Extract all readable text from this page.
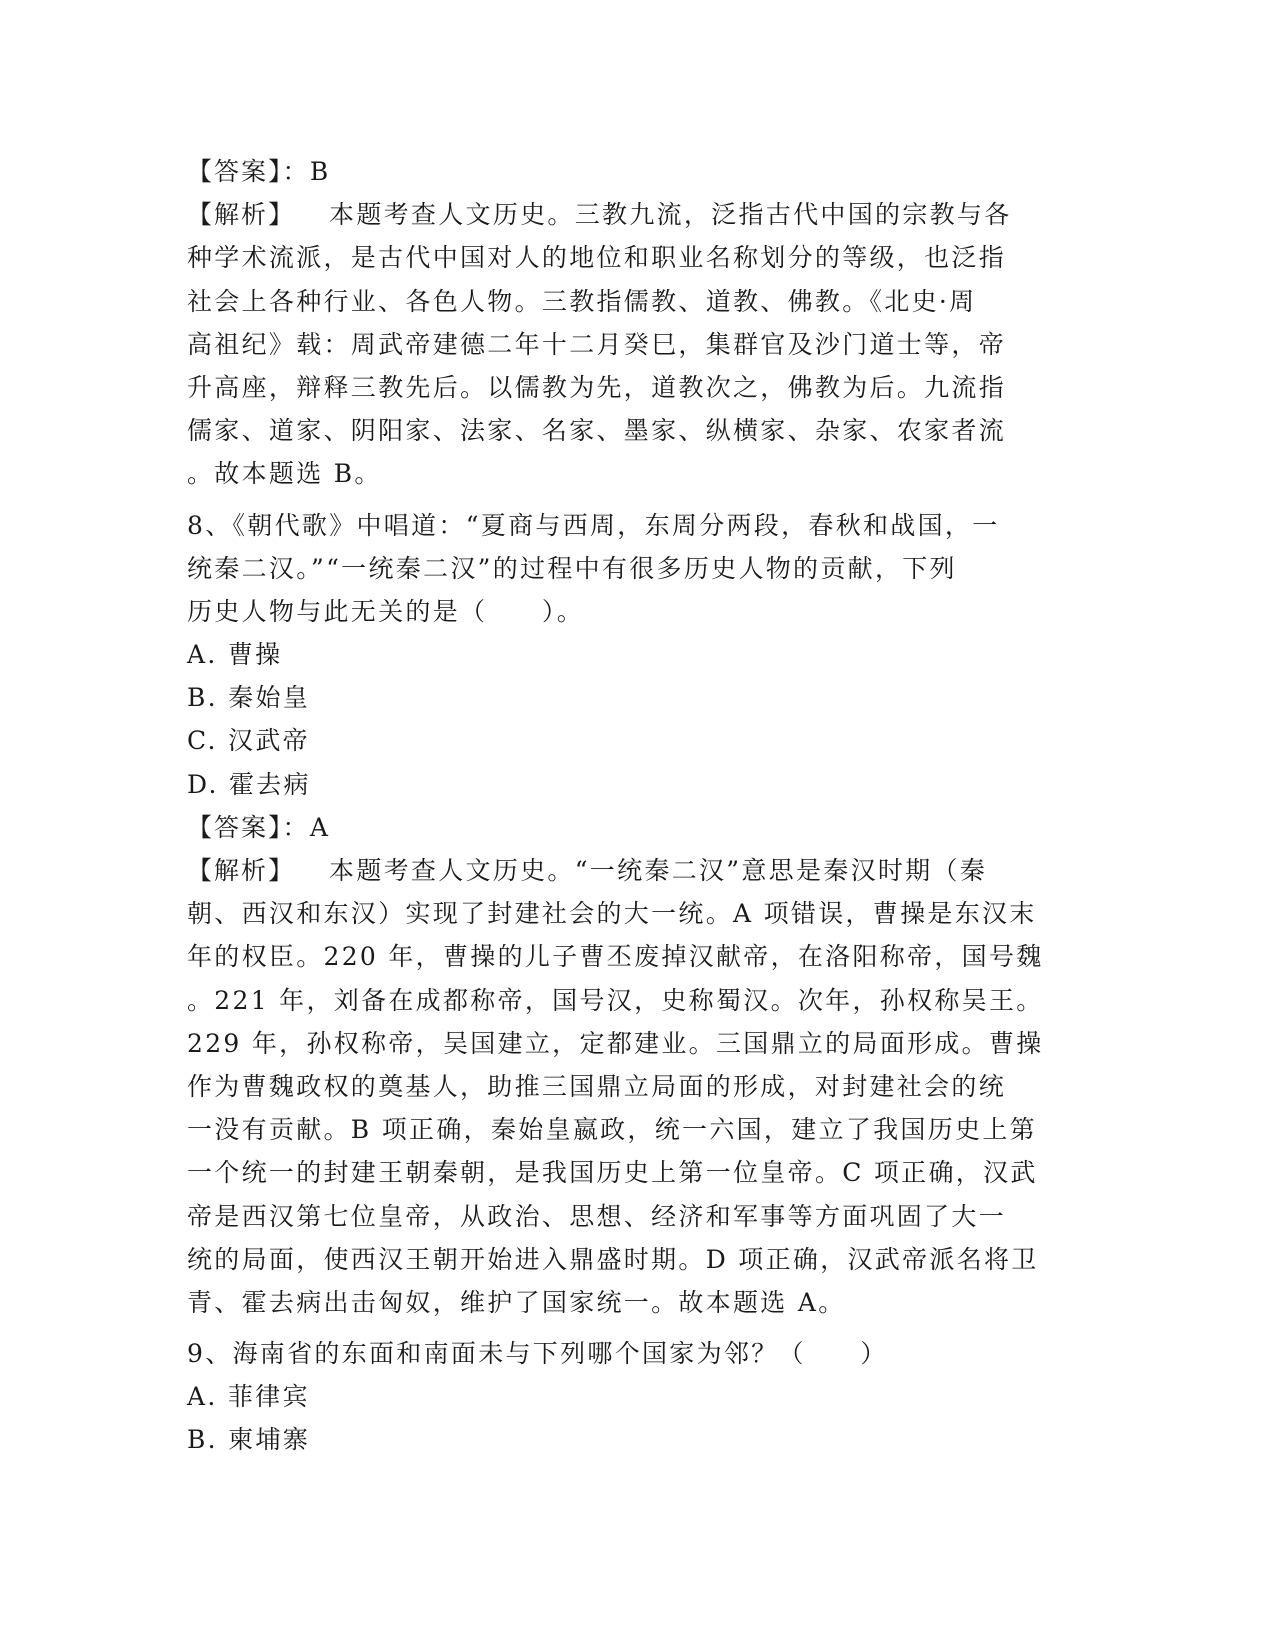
【答案】：B
【解析】 本题考查人文历史。三教九流，泛指古代中国的宗教与各
种学术流派，是古代中国对人的地位和职业名称划分的等级，也泛指
社会上各种行业、各色人物。三教指儒教、道教、佛教。《北史·周
高祖纪》载：周武帝建德二年十二月癸巳，集群官及沙门道士等，帝
升高座，辩释三教先后。以儒教为先，道教次之，佛教为后。九流指
儒家、道家、阴阳家、法家、名家、墨家、纵横家、杂家、农家者流
。故本题选 B。
8、《朝代歌》中唱道：“夏商与西周，东周分两段，春秋和战国，一
统秦二汉。”“一统秦二汉”的过程中有很多历史人物的贡献，下列
历史人物与此无关的是（　　）。
A. 曹操
B. 秦始皇
C. 汉武帝
D. 霍去病
【答案】：A
【解析】 本题考查人文历史。“一统秦二汉”意思是秦汉时期（秦
朝、西汉和东汉）实现了封建社会的大一统。A 项错误，曹操是东汉末
年的权臣。220 年，曹操的儿子曹丕废掉汉献帝，在洛阳称帝，国号魏
。221 年，刘备在成都称帝，国号汉，史称蜀汉。次年，孙权称吴王。
229 年，孙权称帝，吴国建立，定都建业。三国鼎立的局面形成。曹操
作为曹魏政权的奠基人，助推三国鼎立局面的形成，对封建社会的统
一没有贡献。B 项正确，秦始皇嬴政，统一六国，建立了我国历史上第
一个统一的封建王朝秦朝，是我国历史上第一位皇帝。C 项正确，汉武
帝是西汉第七位皇帝，从政治、思想、经济和军事等方面巩固了大一
统的局面，使西汉王朝开始进入鼎盛时期。D 项正确，汉武帝派名将卫
青、霍去病出击匈奴，维护了国家统一。故本题选 A。
9、海南省的东面和南面未与下列哪个国家为邻？（　　）
A. 菲律宾
B. 柬埔寨
